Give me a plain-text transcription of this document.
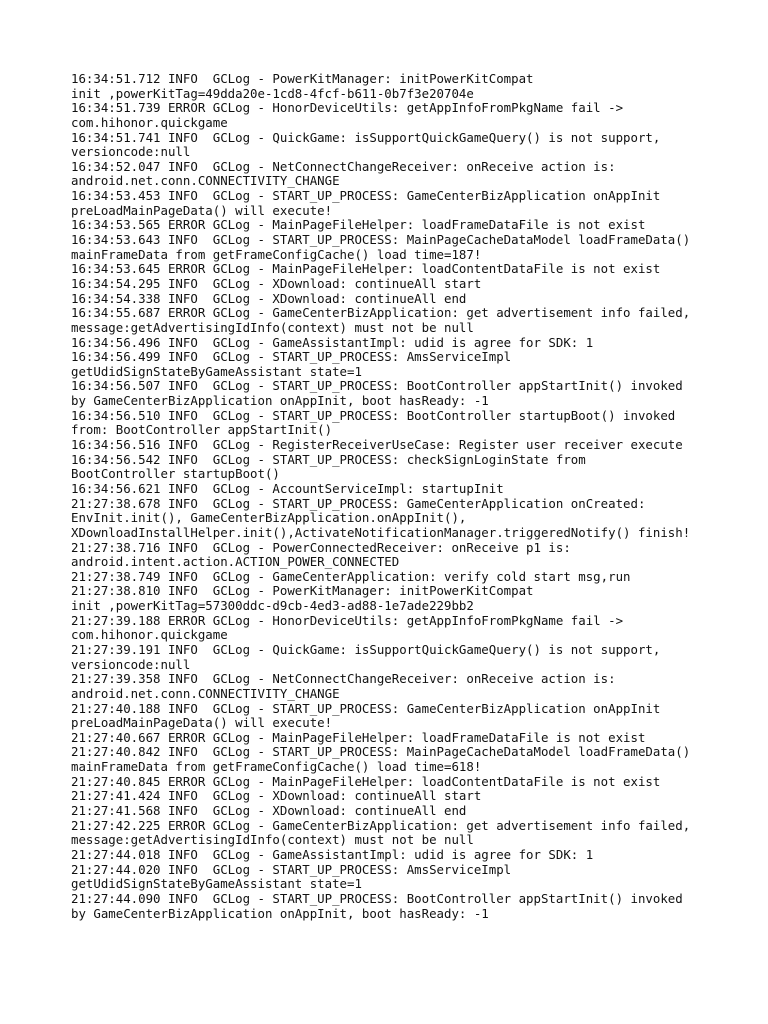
16:34:51.712 INFO  GCLog - PowerKitManager: initPowerKitCompat
init ,powerKitTag=49dda20e-1cd8-4fcf-b611-0b7f3e20704e
16:34:51.739 ERROR GCLog - HonorDeviceUtils: getAppInfoFromPkgName fail ->
com.hihonor.quickgame
16:34:51.741 INFO  GCLog - QuickGame: isSupportQuickGameQuery() is not support,
versioncode:null
16:34:52.047 INFO  GCLog - NetConnectChangeReceiver: onReceive action is:
android.net.conn.CONNECTIVITY_CHANGE
16:34:53.453 INFO  GCLog - START_UP_PROCESS: GameCenterBizApplication onAppInit
preLoadMainPageData() will execute!
16:34:53.565 ERROR GCLog - MainPageFileHelper: loadFrameDataFile is not exist
16:34:53.643 INFO  GCLog - START_UP_PROCESS: MainPageCacheDataModel loadFrameData()
mainFrameData from getFrameConfigCache() load time=187!
16:34:53.645 ERROR GCLog - MainPageFileHelper: loadContentDataFile is not exist
16:34:54.295 INFO  GCLog - XDownload: continueAll start
16:34:54.338 INFO  GCLog - XDownload: continueAll end
16:34:55.687 ERROR GCLog - GameCenterBizApplication: get advertisement info failed,
message:getAdvertisingIdInfo(context) must not be null
16:34:56.496 INFO  GCLog - GameAssistantImpl: udid is agree for SDK: 1
16:34:56.499 INFO  GCLog - START_UP_PROCESS: AmsServiceImpl
getUdidSignStateByGameAssistant state=1
16:34:56.507 INFO  GCLog - START_UP_PROCESS: BootController appStartInit() invoked
by GameCenterBizApplication onAppInit, boot hasReady: -1
16:34:56.510 INFO  GCLog - START_UP_PROCESS: BootController startupBoot() invoked
from: BootController appStartInit()
16:34:56.516 INFO  GCLog - RegisterReceiverUseCase: Register user receiver execute
16:34:56.542 INFO  GCLog - START_UP_PROCESS: checkSignLoginState from
BootController startupBoot()
16:34:56.621 INFO  GCLog - AccountServiceImpl: startupInit
21:27:38.678 INFO  GCLog - START_UP_PROCESS: GameCenterApplication onCreated:
EnvInit.init(), GameCenterBizApplication.onAppInit(),
XDownloadInstallHelper.init(),ActivateNotificationManager.triggeredNotify() finish!
21:27:38.716 INFO  GCLog - PowerConnectedReceiver: onReceive p1 is:
android.intent.action.ACTION_POWER_CONNECTED
21:27:38.749 INFO  GCLog - GameCenterApplication: verify cold start msg,run
21:27:38.810 INFO  GCLog - PowerKitManager: initPowerKitCompat
init ,powerKitTag=57300ddc-d9cb-4ed3-ad88-1e7ade229bb2
21:27:39.188 ERROR GCLog - HonorDeviceUtils: getAppInfoFromPkgName fail ->
com.hihonor.quickgame
21:27:39.191 INFO  GCLog - QuickGame: isSupportQuickGameQuery() is not support,
versioncode:null
21:27:39.358 INFO  GCLog - NetConnectChangeReceiver: onReceive action is:
android.net.conn.CONNECTIVITY_CHANGE
21:27:40.188 INFO  GCLog - START_UP_PROCESS: GameCenterBizApplication onAppInit
preLoadMainPageData() will execute!
21:27:40.667 ERROR GCLog - MainPageFileHelper: loadFrameDataFile is not exist
21:27:40.842 INFO  GCLog - START_UP_PROCESS: MainPageCacheDataModel loadFrameData()
mainFrameData from getFrameConfigCache() load time=618!
21:27:40.845 ERROR GCLog - MainPageFileHelper: loadContentDataFile is not exist
21:27:41.424 INFO  GCLog - XDownload: continueAll start
21:27:41.568 INFO  GCLog - XDownload: continueAll end
21:27:42.225 ERROR GCLog - GameCenterBizApplication: get advertisement info failed,
message:getAdvertisingIdInfo(context) must not be null
21:27:44.018 INFO  GCLog - GameAssistantImpl: udid is agree for SDK: 1
21:27:44.020 INFO  GCLog - START_UP_PROCESS: AmsServiceImpl
getUdidSignStateByGameAssistant state=1
21:27:44.090 INFO  GCLog - START_UP_PROCESS: BootController appStartInit() invoked
by GameCenterBizApplication onAppInit, boot hasReady: -1
